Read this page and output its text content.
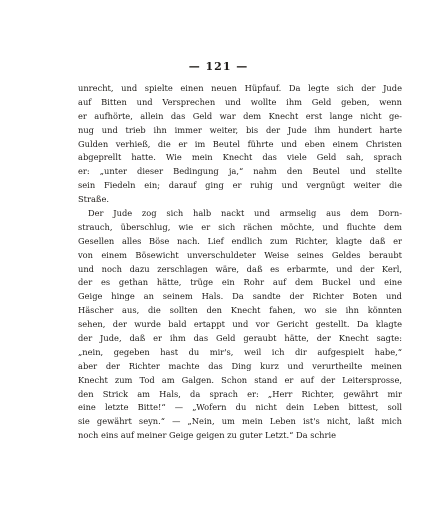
— 121 —
unrecht, und spielte einen neuen Hüpfauf. Da legte sich der Jude
auf Bitten und Versprechen und wollte ihm Geld geben, wenn
er aufhörte, allein das Geld war dem Knecht erst lange nicht ge-
nug und trieb ihn immer weiter, bis der Jude ihm hundert harte
Gulden verhieß, die er im Beutel führte und eben einem Christen
abgeprellt hatte. Wie mein Knecht das viele Geld sah, sprach
er: „unter dieser Bedingung ja,“ nahm den Beutel und stellte
sein Fiedeln ein; darauf ging er ruhig und vergnügt weiter die
Straße.
Der Jude zog sich halb nackt und armselig aus dem Dorn-
strauch, überschlug, wie er sich rächen möchte, und fluchte dem
Gesellen alles Böse nach. Lief endlich zum Richter, klagte daß er
von einem Bösewicht unverschuldeter Weise seines Geldes beraubt
und noch dazu zerschlagen wäre, daß es erbarmte, und der Kerl,
der es gethan hätte, trüge ein Rohr auf dem Buckel und eine
Geige hinge an seinem Hals. Da sandte der Richter Boten und
Häscher aus, die sollten den Knecht fahen, wo sie ihn könnten
sehen, der wurde bald ertappt und vor Gericht gestellt. Da klagte
der Jude, daß er ihm das Geld geraubt hätte, der Knecht sagte:
„nein, gegeben hast du mir's, weil ich dir aufgespielt habe,“
aber der Richter machte das Ding kurz und verurtheilte meinen
Knecht zum Tod am Galgen. Schon stand er auf der Leitersprosse,
den Strick am Hals, da sprach er: „Herr Richter, gewährt mir
eine letzte Bitte!“ — „Wofern du nicht dein Leben bittest, soll
sie gewährt seyn.“ — „Nein, um mein Leben ist's nicht, laßt mich
noch eins auf meiner Geige geigen zu guter Letzt.“ Da schrie
